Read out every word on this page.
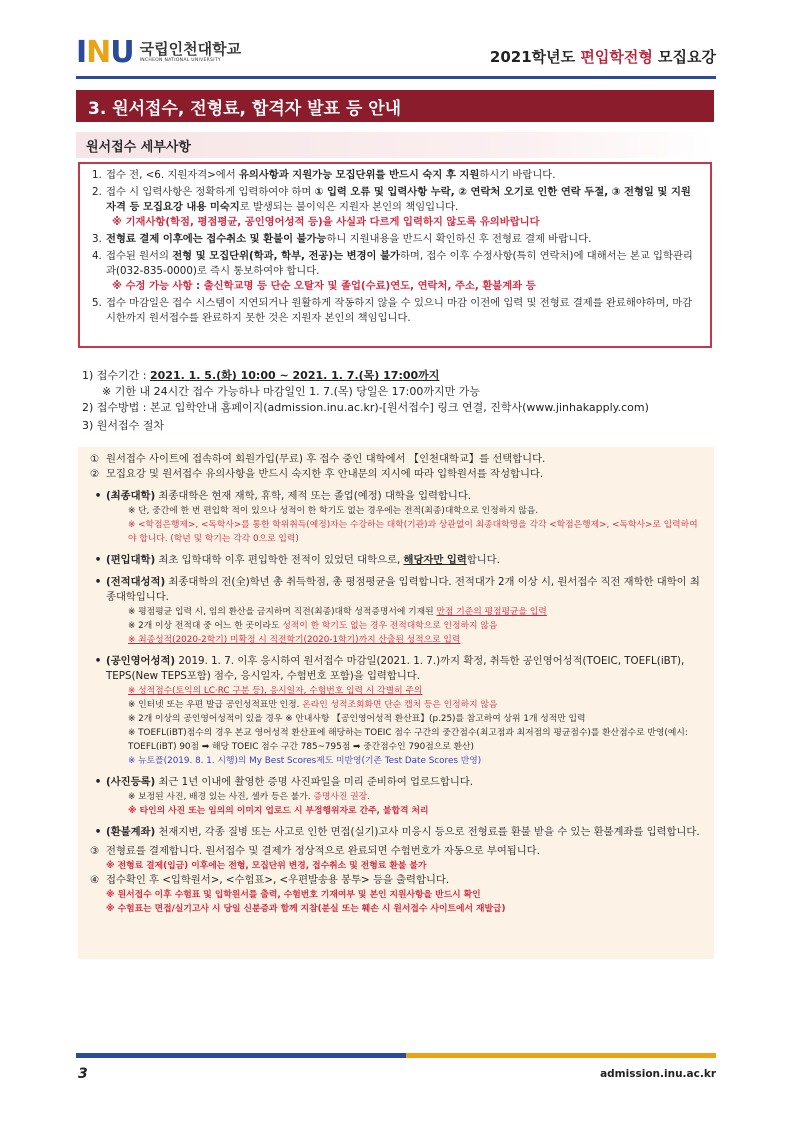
INU 국립인천대학교
INCHEON NATIONAL UNIVERSITY	2021학년도 편입학전형 모집요강
3. 원서접수, 전형료, 합격자 발표 등 안내
원서접수 세부사항
1. 접수 전, <6. 지원자격>에서 유의사항과 지원가능 모집단위를 반드시 숙지 후 지원하시기 바랍니다.
2. 접수 시 입력사항은 정확하게 입력하여야 하며 ① 입력 오류 및 입력사항 누락, ② 연락처 오기로 인한 연락 두절, ③ 전형일 및 지원자격 등 모집요강 내용 미숙지로 발생되는 불이익은 지원자 본인의 책임입니다.
※ 기재사항(학점, 평점평균, 공인영어성적 등)을 사실과 다르게 입력하지 않도록 유의바랍니다
3. 전형료 결제 이후에는 접수취소 및 환불이 불가능하니 지원내용을 반드시 확인하신 후 전형료 결제 바랍니다.
4. 접수된 원서의 전형 및 모집단위(학과, 학부, 전공)는 변경이 불가하며, 접수 이후 수정사항(특히 연락처)에 대해서는 본교 입학관리과(032-835-0000)로 즉시 통보하여야 합니다.
※ 수정 가능 사항 : 출신학교명 등 단순 오탈자 및 졸업(수료)연도, 연락처, 주소, 환불계좌 등
5. 접수 마감일은 접수 시스템이 지연되거나 원활하게 작동하지 않을 수 있으니 마감 이전에 입력 및 전형료 결제를 완료해야하며, 마감 시한까지 원서접수를 완료하지 못한 것은 지원자 본인의 책임입니다.
1) 접수기간 : 2021. 1. 5.(화) 10:00 ~ 2021. 1. 7.(목) 17:00까지
※ 기한 내 24시간 접수 가능하나 마감일인 1. 7.(목) 당일은 17:00까지만 가능
2) 접수방법 : 본교 입학안내 홈페이지(admission.inu.ac.kr)-[원서접수] 링크 연결, 진학사(www.jinhakapply.com)
3) 원서접수 절차
① 원서접수 사이트에 접속하여 회원가입(무료) 후 접수 중인 대학에서 【인천대학교】를 선택합니다.
② 모집요강 및 원서접수 유의사항을 반드시 숙지한 후 안내문의 지시에 따라 입학원서를 작성합니다.
• (최종대학) 최종대학은 현재 재학, 휴학, 제적 또는 졸업(예정) 대학을 입력합니다.
※ 단, 중간에 한 번 편입학 적이 있으나 성적이 한 학기도 없는 경우에는 전적(최종)대학으로 인정하지 않음.
※ <학점은행제>, <독학사>를 통한 학위취득(예정)자는 수강하는 대학(기관)과 상관없이 최종대학명을 각각 <학점은행제>, <독학사>로 입력하여야 합니다. (학년 및 학기는 각각 0으로 입력)
• (편입대학) 최초 입학대학 이후 편입학한 전적이 있었던 대학으로, 해당자만 입력합니다.
• (전적대성적) 최종대학의 전(全)학년 총 취득학점, 총 평점평균을 입력합니다. 전적대가 2개 이상 시, 원서접수 직전 재학한 대학이 최종대학입니다.
※ 평점평균 입력 시, 임의 환산을 금지하며 직전(최종)대학 성적증명서에 기재된 만점 기준의 평점평균을 입력
※ 2개 이상 전적대 중 어느 한 곳이라도 성적이 한 학기도 없는 경우 전적대학으로 인정하지 않음
※ 최종성적(2020-2학기) 미확정 시 직전학기(2020-1학기)까지 산출된 성적으로 입력
• (공인영어성적) 2019. 1. 7. 이후 응시하여 원서접수 마감일(2021. 1. 7.)까지 확정, 취득한 공인영어성적(TOEIC, TOEFL(iBT), TEPS(New TEPS포함) 점수, 응시일자, 수험번호 포함)을 입력합니다.
※ 성적점수(토익의 LC·RC 구분 등), 응시일자, 수험번호 입력 시 각별히 주의
※ 인터넷 또는 우편 발급 공인성적표만 인정. 온라인 성적조회화면 단순 캡처 등은 인정하지 않음
※ 2개 이상의 공인영어성적이 있을 경우 ※ 안내사항 【공인영어성적 환산표】(p.25)를 참고하여 상위 1개 성적만 입력
※ TOEFL(iBT)점수의 경우 본교 영어성적 환산표에 해당하는 TOEIC 점수 구간의 중간점수(최고점과 최저점의 평균점수)를 환산점수로 반영(예시: TOEFL(iBT) 90점 ➡ 해당 TOEIC 점수 구간 785~795점 ➡ 중간점수인 790점으로 환산)
※ 뉴토플(2019. 8. 1. 시행)의 My Best Scores제도 미반영(기존 Test Date Scores 반영)
• (사진등록) 최근 1년 이내에 촬영한 증명 사진파일을 미리 준비하여 업로드합니다.
※ 보정된 사진, 배경 있는 사진, 셀카 등은 불가. 증명사진 권장.
※ 타인의 사진 또는 임의의 이미지 업로드 시 부정행위자로 간주, 불합격 처리
• (환불계좌) 천재지변, 각종 질병 또는 사고로 인한 면접(실기)고사 미응시 등으로 전형료를 환불 받을 수 있는 환불계좌를 입력합니다.
③ 전형료를 결제합니다. 원서접수 및 결제가 정상적으로 완료되면 수험번호가 자동으로 부여됩니다.
※ 전형료 결제(입금) 이후에는 전형, 모집단위 변경, 접수취소 및 전형료 환불 불가
④ 접수확인 후 <입학원서>, <수험표>, <우편발송용 봉투> 등을 출력합니다.
※ 원서접수 이후 수험표 및 입학원서를 출력, 수험번호 기재여부 및 본인 지원사항을 반드시 확인
※ 수험표는 면접/실기고사 시 당일 신분증과 함께 지참(분실 또는 훼손 시 원서접수 사이트에서 재발급)
3	admission.inu.ac.kr
